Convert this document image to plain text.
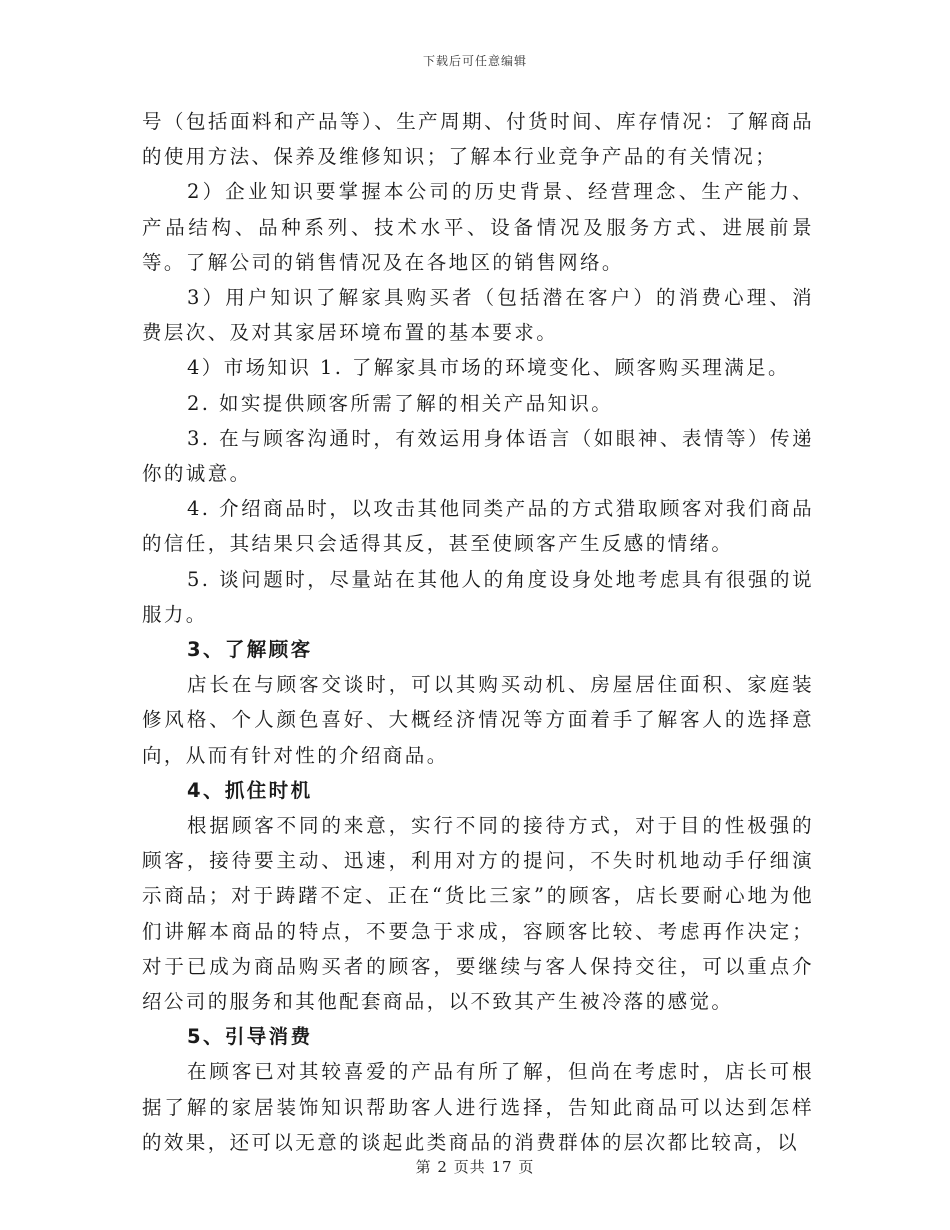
下载后可任意编辑

号（包括面料和产品等）、生产周期、付货时间、库存情况：了解商品的使用方法、保养及维修知识；了解本行业竞争产品的有关情况；

2）企业知识要掌握本公司的历史背景、经营理念、生产能力、产品结构、品种系列、技术水平、设备情况及服务方式、进展前景等。了解公司的销售情况及在各地区的销售网络。

3）用户知识了解家具购买者（包括潜在客户）的消费心理、消费层次、及对其家居环境布置的基本要求。

4）市场知识 1. 了解家具市场的环境变化、顾客购买理满足。

2. 如实提供顾客所需了解的相关产品知识。

3. 在与顾客沟通时，有效运用身体语言（如眼神、表情等）传递你的诚意。

4. 介绍商品时，以攻击其他同类产品的方式猎取顾客对我们商品的信任，其结果只会适得其反，甚至使顾客产生反感的情绪。

5. 谈问题时，尽量站在其他人的角度设身处地考虑具有很强的说服力。

3、了解顾客

店长在与顾客交谈时，可以其购买动机、房屋居住面积、家庭装修风格、个人颜色喜好、大概经济情况等方面着手了解客人的选择意向，从而有针对性的介绍商品。

4、抓住时机

根据顾客不同的来意，实行不同的接待方式，对于目的性极强的顾客，接待要主动、迅速，利用对方的提问，不失时机地动手仔细演示商品；对于踌躇不定、正在“货比三家”的顾客，店长要耐心地为他们讲解本商品的特点，不要急于求成，容顾客比较、考虑再作决定；对于已成为商品购买者的顾客，要继续与客人保持交往，可以重点介绍公司的服务和其他配套商品，以不致其产生被冷落的感觉。

5、引导消费

在顾客已对其较喜爱的产品有所了解，但尚在考虑时，店长可根据了解的家居装饰知识帮助客人进行选择，告知此商品可以达到怎样的效果，还可以无意的谈起此类商品的消费群体的层次都比较高，以

第 2 页共 17 页
